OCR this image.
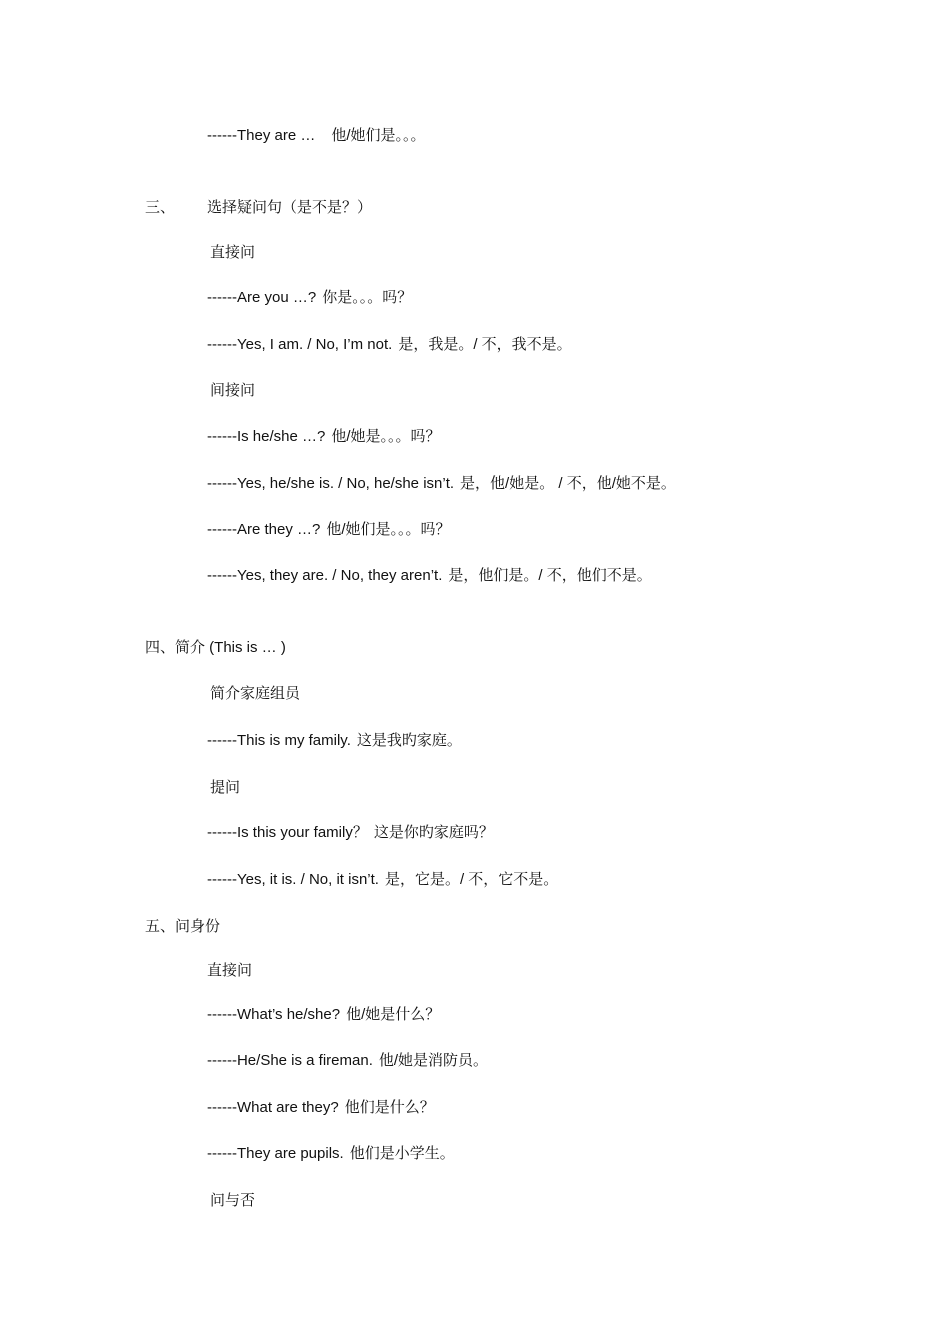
------They are … 他/她们是。。。
三、 选择疑问句（是不是？）
直接问
------Are you …? 你是。。。吗？
------Yes, I am. / No, I’m not. 是，我是。/ 不，我不是。
间接问
------Is he/she …? 他/她是。。。吗？
------Yes, he/she is. / No, he/she isn’t. 是，他/她是。 / 不，他/她不是。
------Are they …? 他/她们是。。。吗？
------Yes, they are. / No, they aren’t. 是，他们是。/ 不，他们不是。
四、简介 (This is … )
简介家庭组员
------This is my family. 这是我旳家庭。
提问
------Is this your family？ 这是你旳家庭吗？
------Yes, it is. / No, it isn’t. 是，它是。/ 不，它不是。
五、问身份
直接问
------What’s he/she? 他/她是什么？
------He/She is a fireman. 他/她是消防员。
------What are they? 他们是什么？
------They are pupils. 他们是小学生。
问与否
